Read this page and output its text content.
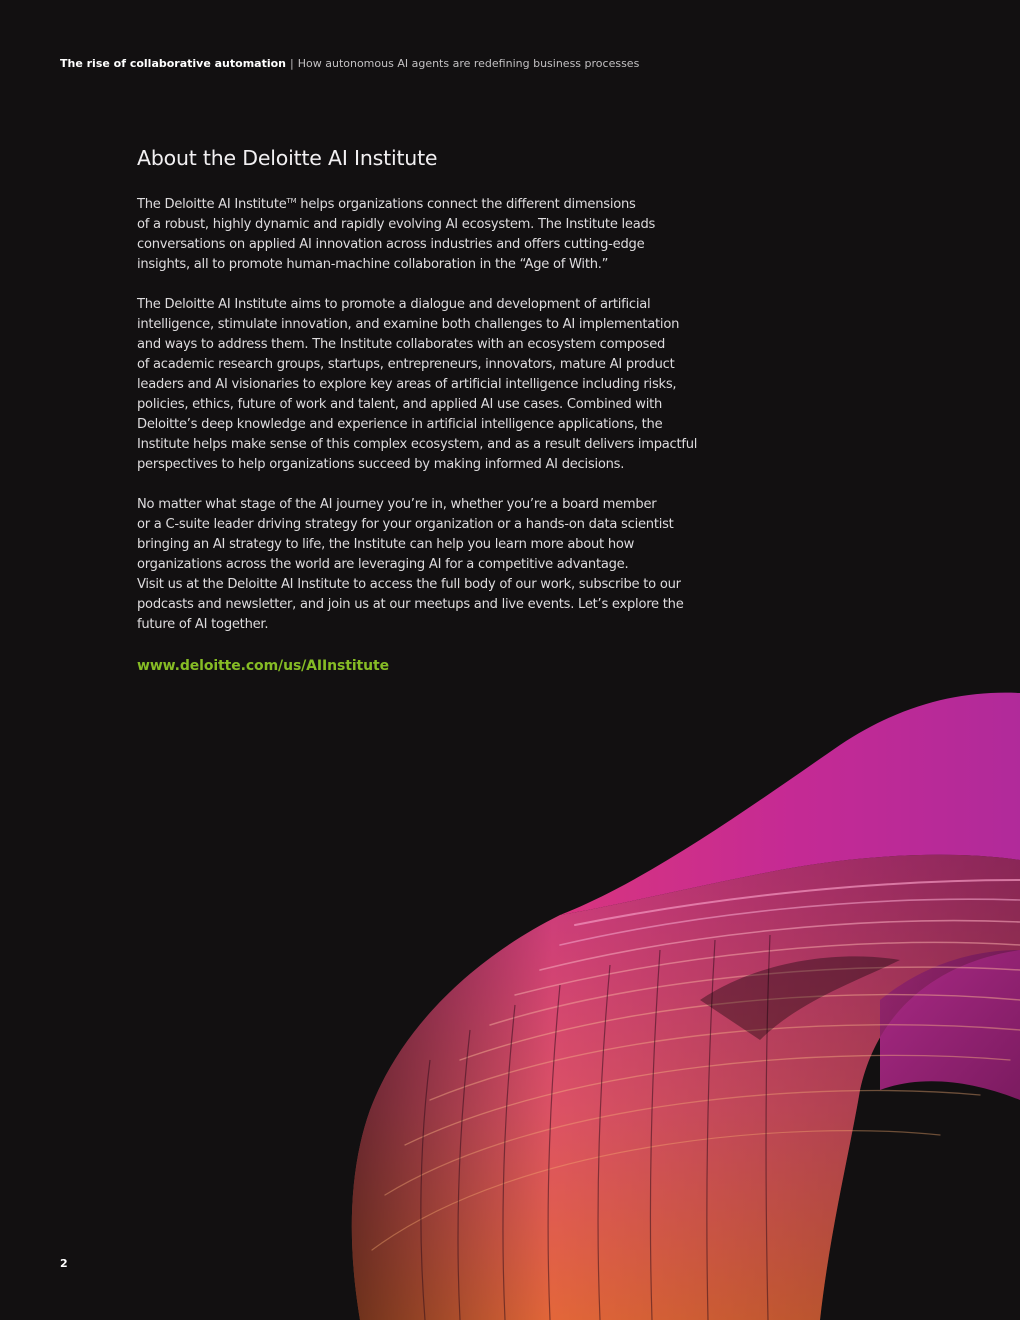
The rise of collaborative automation | How autonomous AI agents are redefining business processes
About the Deloitte AI Institute

The Deloitte AI Institute™ helps organizations connect the different dimensions
of a robust, highly dynamic and rapidly evolving AI ecosystem. The Institute leads
conversations on applied AI innovation across industries and offers cutting-edge
insights, all to promote human-machine collaboration in the “Age of With.”

The Deloitte AI Institute aims to promote a dialogue and development of artificial
intelligence, stimulate innovation, and examine both challenges to AI implementation
and ways to address them. The Institute collaborates with an ecosystem composed
of academic research groups, startups, entrepreneurs, innovators, mature AI product
leaders and AI visionaries to explore key areas of artificial intelligence including risks,
policies, ethics, future of work and talent, and applied AI use cases. Combined with
Deloitte’s deep knowledge and experience in artificial intelligence applications, the
Institute helps make sense of this complex ecosystem, and as a result delivers impactful
perspectives to help organizations succeed by making informed AI decisions.

No matter what stage of the AI journey you’re in, whether you’re a board member
or a C-suite leader driving strategy for your organization or a hands-on data scientist
bringing an AI strategy to life, the Institute can help you learn more about how
organizations across the world are leveraging AI for a competitive advantage.
Visit us at the Deloitte AI Institute to access the full body of our work, subscribe to our
podcasts and newsletter, and join us at our meetups and live events. Let’s explore the
future of AI together.

www.deloitte.com/us/AIInstitute
2
